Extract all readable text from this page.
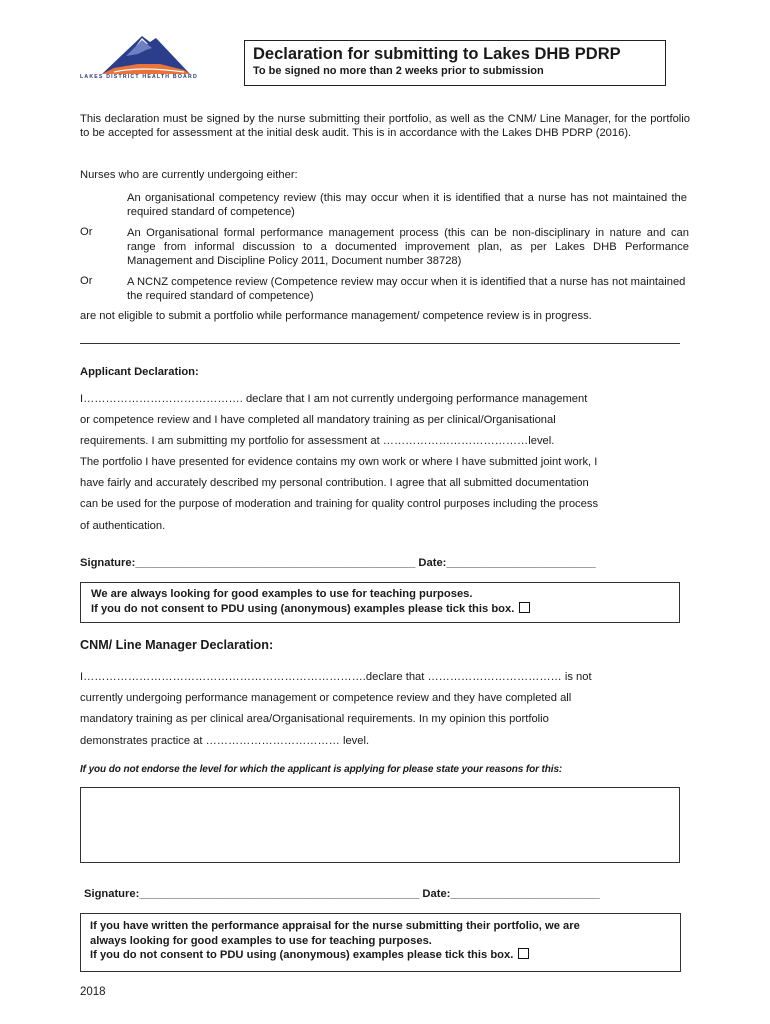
LAKES DISTRICT HEALTH BOARD
Declaration for submitting to Lakes DHB PDRP
To be signed no more than 2 weeks prior to submission
This declaration must be signed by the nurse submitting their portfolio, as well as the CNM/ Line Manager, for the portfolio to be accepted for assessment at the initial desk audit. This is in accordance with the Lakes DHB PDRP (2016).
Nurses who are currently undergoing either:
An organisational competency review (this may occur when it is identified that a nurse has not maintained the required standard of competence)
Or	An Organisational formal performance management process (this can be non-disciplinary in nature and can range from informal discussion to a documented improvement plan, as per Lakes DHB Performance Management and Discipline Policy 2011, Document number 38728)
Or	A NCNZ competence review (Competence review may occur when it is identified that a nurse has not maintained the required standard of competence)
are not eligible to submit a portfolio while performance management/ competence review is in progress.
Applicant Declaration:
I……………………………………. declare that I am not currently undergoing performance management
or competence review and I have completed all mandatory training as per clinical/Organisational
requirements. I am submitting my portfolio for assessment at …………………………………level.
The portfolio I have presented for evidence contains my own work or where I have submitted joint work, I
have fairly and accurately described my personal contribution. I agree that all submitted documentation
can be used for the purpose of moderation and training for quality control purposes including the process
of authentication.
Signature:_____________________________________________ Date:________________________
We are always looking for good examples to use for teaching purposes.
If you do not consent to PDU using (anonymous) examples please tick this box.
CNM/ Line Manager Declaration:
I………………………………………………………………….declare that ……………………………… is not
currently undergoing performance management or competence review and they have completed all
mandatory training as per clinical area/Organisational requirements. In my opinion this portfolio
demonstrates practice at ……………………………… level.
If you do not endorse the level for which the applicant is applying for please state your reasons for this:
Signature:_____________________________________________ Date:________________________
If you have written the performance appraisal for the nurse submitting their portfolio, we are
always looking for good examples to use for teaching purposes.
If you do not consent to PDU using (anonymous) examples please tick this box.
2018
